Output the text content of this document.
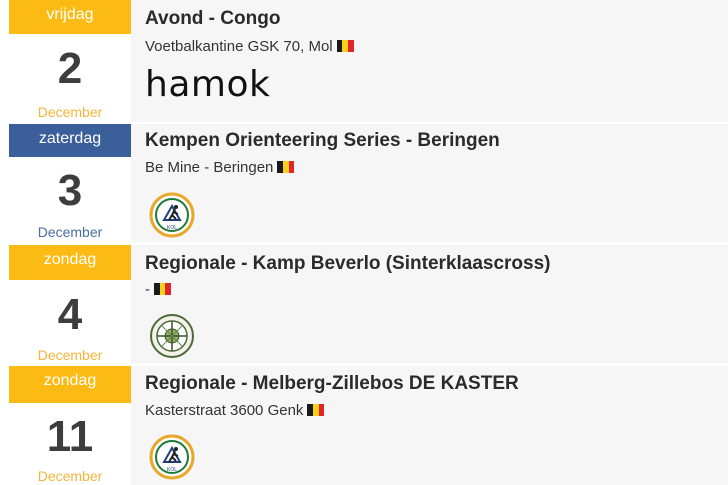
vrijdag
2
December
Avond - Congo
Voetbalkantine GSK 70, Mol
hamok
zaterdag
3
December
Kempen Orienteering Series - Beringen
Be Mine - Beringen
KOL
zondag
4
December
Regionale - Kamp Beverlo (Sinterklaascross)
-
zondag
11
December
Regionale - Melberg-Zillebos DE KASTER
Kasterstraat 3600 Genk
KOL
